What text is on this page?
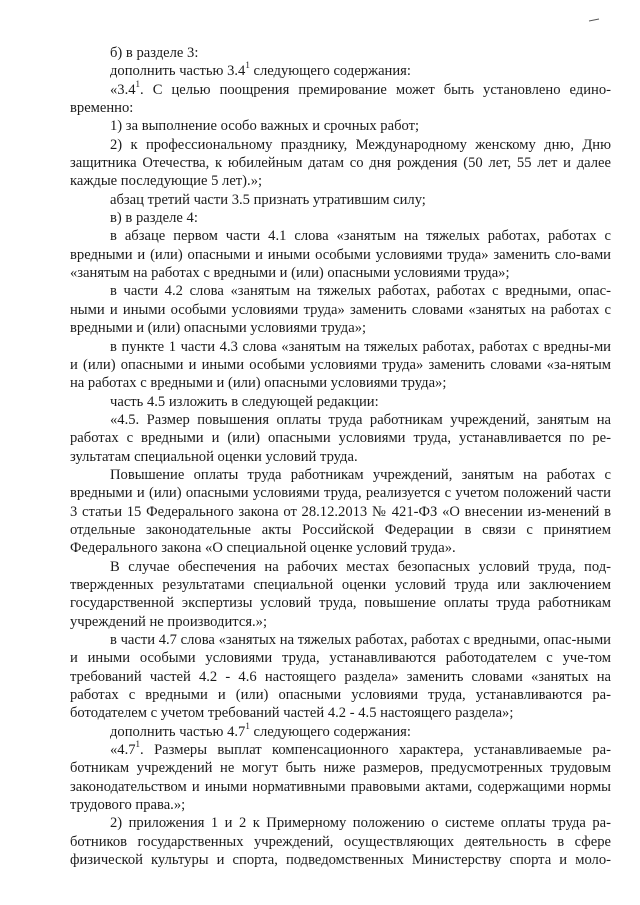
б) в разделе 3:

дополнить частью $3.4^1$ следующего содержания:

«$3.4^1$. С целью поощрения премирование может быть установлено едино-временно:

1) за выполнение особо важных и срочных работ;

2) к профессиональному празднику, Международному женскому дню, Дню защитника Отечества, к юбилейным датам со дня рождения (50 лет, 55 лет и далее каждые последующие 5 лет).»;

абзац третий части 3.5 признать утратившим силу;

в) в разделе 4:

в абзаце первом части 4.1 слова «занятым на тяжелых работах, работах с вредными и (или) опасными и иными особыми условиями труда» заменить сло-вами «занятым на работах с вредными и (или) опасными условиями труда»;

в части 4.2 слова «занятым на тяжелых работах, работах с вредными, опас-ными и иными особыми условиями труда» заменить словами «занятых на работах с вредными и (или) опасными условиями труда»;

в пункте 1 части 4.3 слова «занятым на тяжелых работах, работах с вредны-ми и (или) опасными и иными особыми условиями труда» заменить словами «за-нятым на работах с вредными и (или) опасными условиями труда»;

часть 4.5 изложить в следующей редакции:

«4.5. Размер повышения оплаты труда работникам учреждений, занятым на работах с вредными и (или) опасными условиями труда, устанавливается по ре-зультатам специальной оценки условий труда.

Повышение оплаты труда работникам учреждений, занятым на работах с вредными и (или) опасными условиями труда, реализуется с учетом положений части 3 статьи 15 Федерального закона от 28.12.2013 № 421-ФЗ «О внесении из-менений в отдельные законодательные акты Российской Федерации в связи с принятием Федерального закона «О специальной оценке условий труда».

В случае обеспечения на рабочих местах безопасных условий труда, под-твержденных результатами специальной оценки условий труда или заключением государственной экспертизы условий труда, повышение оплаты труда работникам учреждений не производится.»;

в части 4.7 слова «занятых на тяжелых работах, работах с вредными, опас-ными и иными особыми условиями труда, устанавливаются работодателем с уче-том требований частей 4.2 - 4.6 настоящего раздела» заменить словами «занятых на работах с вредными и (или) опасными условиями труда, устанавливаются ра-ботодателем с учетом требований частей 4.2 - 4.5 настоящего раздела»;

дополнить частью $4.7^1$ следующего содержания:

«$4.7^1$. Размеры выплат компенсационного характера, устанавливаемые ра-ботникам учреждений не могут быть ниже размеров, предусмотренных трудовым законодательством и иными нормативными правовыми актами, содержащими нормы трудового права.»;

2) приложения 1 и 2 к Примерному положению о системе оплаты труда ра-ботников государственных учреждений, осуществляющих деятельность в сфере физической культуры и спорта, подведомственных Министерству спорта и моло-
